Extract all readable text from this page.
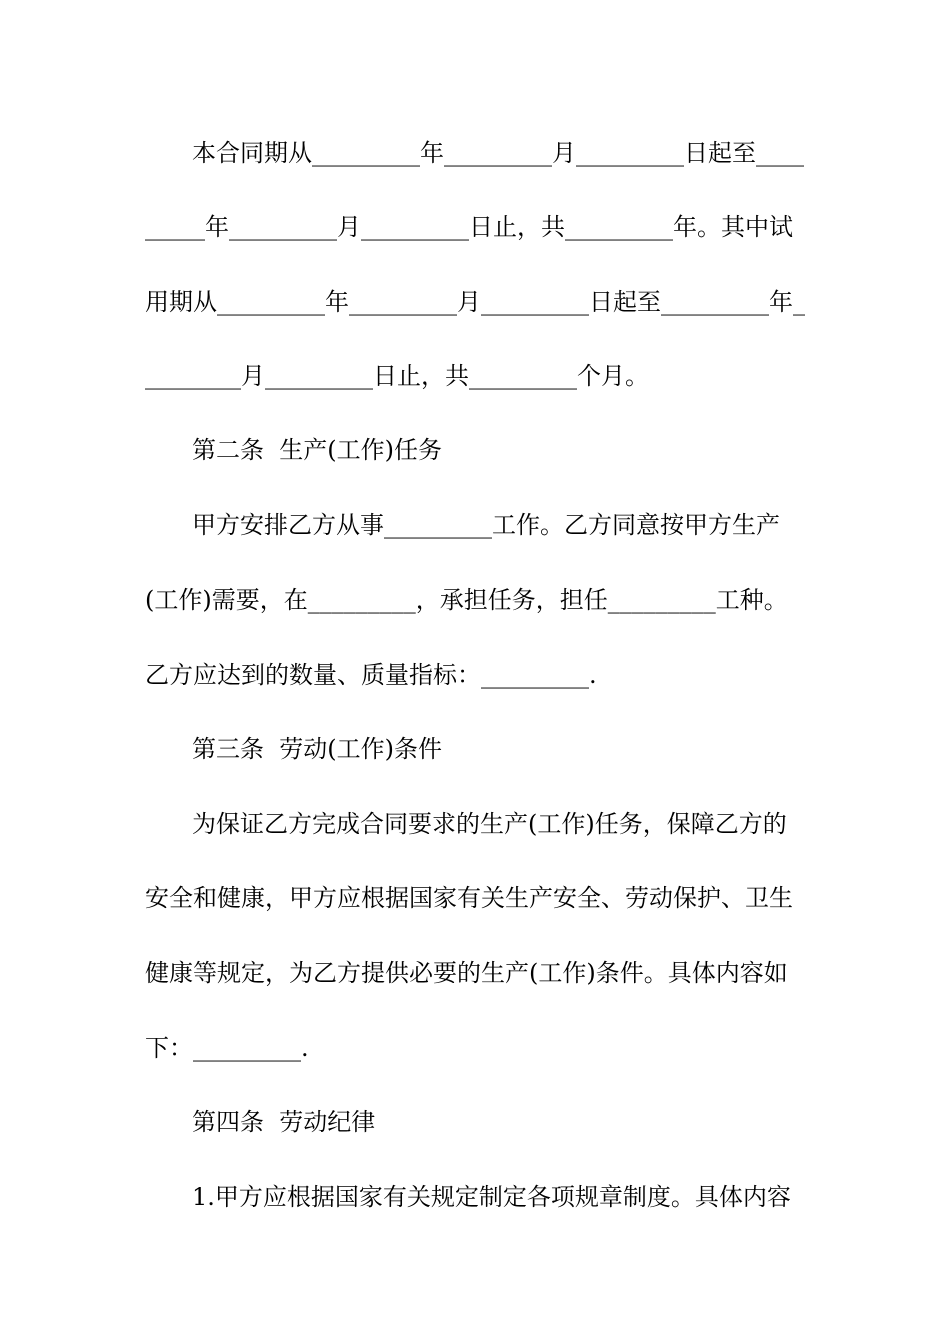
本合同期从_________年_________月_________日起至____
_____年_________月_________日止，共_________年。其中试
用期从_________年_________月_________日起至_________年_
________月_________日止，共_________个月。
第二条  生产(工作)任务
甲方安排乙方从事_________工作。乙方同意按甲方生产
(工作)需要，在_________，承担任务，担任_________工种。
乙方应达到的数量、质量指标：_________.
第三条  劳动(工作)条件
为保证乙方完成合同要求的生产(工作)任务，保障乙方的
安全和健康，甲方应根据国家有关生产安全、劳动保护、卫生
健康等规定，为乙方提供必要的生产(工作)条件。具体内容如
下：_________.
第四条  劳动纪律
1.甲方应根据国家有关规定制定各项规章制度。具体内容
